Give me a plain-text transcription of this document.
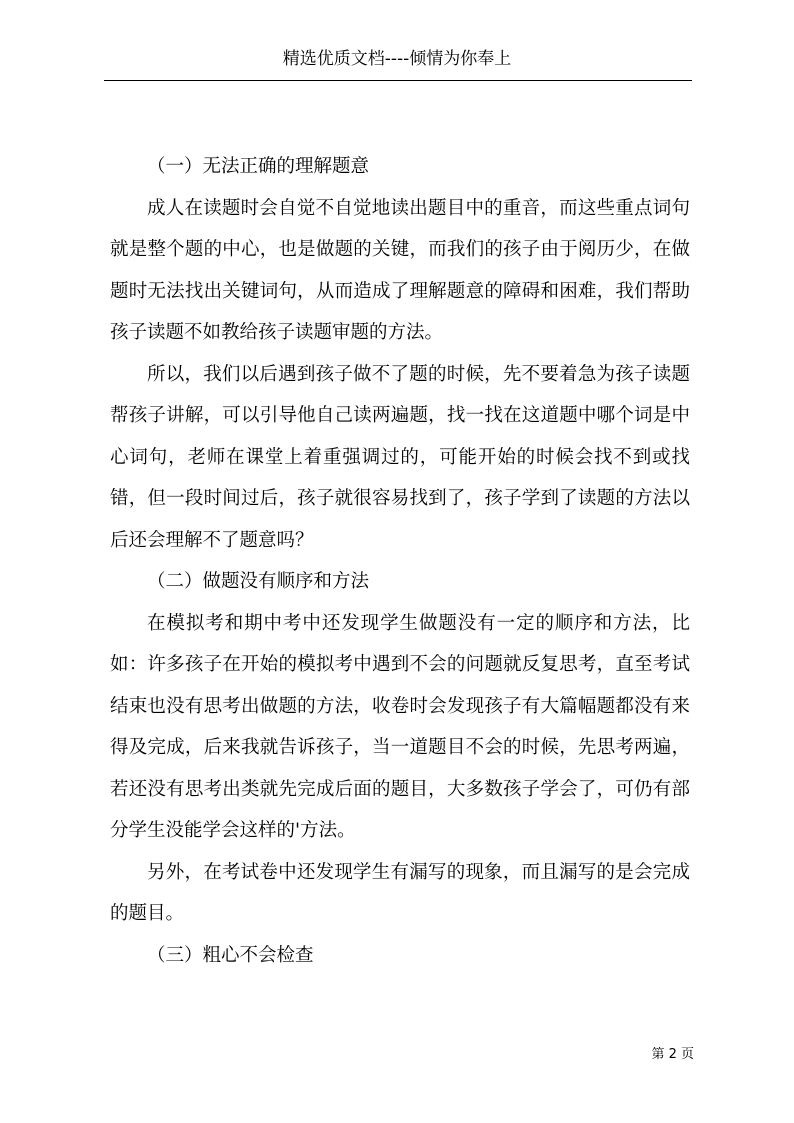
精选优质文档----倾情为你奉上

（一）无法正确的理解题意

成人在读题时会自觉不自觉地读出题目中的重音，而这些重点词句就是整个题的中心，也是做题的关键，而我们的孩子由于阅历少，在做题时无法找出关键词句，从而造成了理解题意的障碍和困难，我们帮助孩子读题不如教给孩子读题审题的方法。

所以，我们以后遇到孩子做不了题的时候，先不要着急为孩子读题帮孩子讲解，可以引导他自己读两遍题，找一找在这道题中哪个词是中心词句，老师在课堂上着重强调过的，可能开始的时候会找不到或找错，但一段时间过后，孩子就很容易找到了，孩子学到了读题的方法以后还会理解不了题意吗？

（二）做题没有顺序和方法

在模拟考和期中考中还发现学生做题没有一定的顺序和方法，比如：许多孩子在开始的模拟考中遇到不会的问题就反复思考，直至考试结束也没有思考出做题的方法，收卷时会发现孩子有大篇幅题都没有来得及完成，后来我就告诉孩子，当一道题目不会的时候，先思考两遍，若还没有思考出类就先完成后面的题目，大多数孩子学会了，可仍有部分学生没能学会这样的'方法。

另外，在考试卷中还发现学生有漏写的现象，而且漏写的是会完成的题目。

（三）粗心不会检查

第 2 页
